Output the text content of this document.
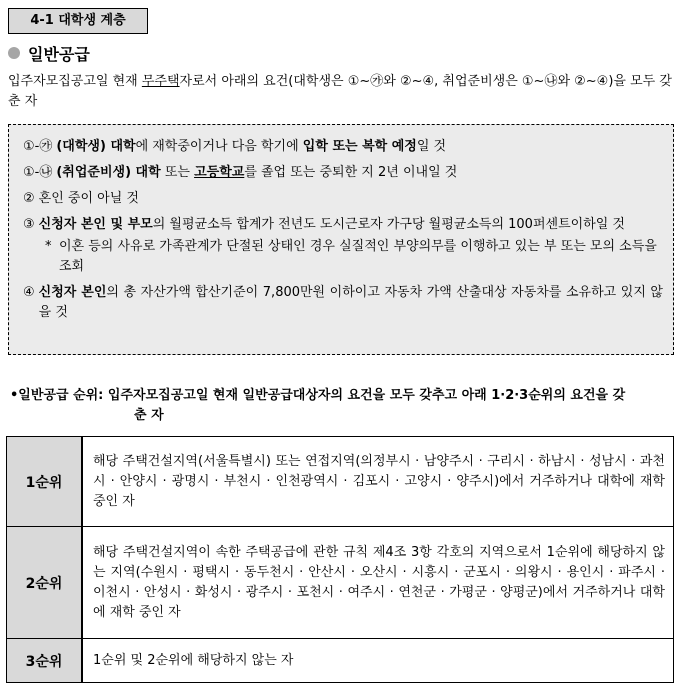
4-1 대학생 계층
일반공급
입주자모집공고일 현재 무주택자로서 아래의 요건(대학생은 ①~㉮와 ②~④, 취업준비생은 ①~㉯와 ②~④)을 모두 갖춘 자
①-㉮ (대학생) 대학에 재학중이거나 다음 학기에 입학 또는 복학 예정일 것
①-㉯ (취업준비생) 대학 또는 고등학교를 졸업 또는 중퇴한 지 2년 이내일 것
② 혼인 중이 아닐 것
③ 신청자 본인 및 부모의 월평균소득 합계가 전년도 도시근로자 가구당 월평균소득의 100퍼센트이하일 것
* 이혼 등의 사유로 가족관계가 단절된 상태인 경우 실질적인 부양의무를 이행하고 있는 부 또는 모의 소득을 조회
④ 신청자 본인의 총 자산가액 합산기준이 7,800만원 이하이고 자동차 가액 산출대상 자동차를 소유하고 있지 않을 것
•일반공급 순위: 입주자모집공고일 현재 일반공급대상자의 요건을 모두 갖추고 아래 1·2·3순위의 요건을 갖
춘 자
1순위	해당 주택건설지역(서울특별시) 또는 연접지역(의정부시 · 남양주시 · 구리시 · 하남시 · 성남시 · 과천시 · 안양시 · 광명시 · 부천시 · 인천광역시 · 김포시 · 고양시 · 양주시)에서 거주하거나 대학에 재학 중인 자
2순위	해당 주택건설지역이 속한 주택공급에 관한 규칙 제4조 3항 각호의 지역으로서 1순위에 해당하지 않는 지역(수원시 · 평택시 · 동두천시 · 안산시 · 오산시 · 시흥시 · 군포시 · 의왕시 · 용인시 · 파주시 · 이천시 · 안성시 · 화성시 · 광주시 · 포천시 · 여주시 · 연천군 · 가평군 · 양평군)에서 거주하거나 대학에 재학 중인 자
3순위	1순위 및 2순위에 해당하지 않는 자
